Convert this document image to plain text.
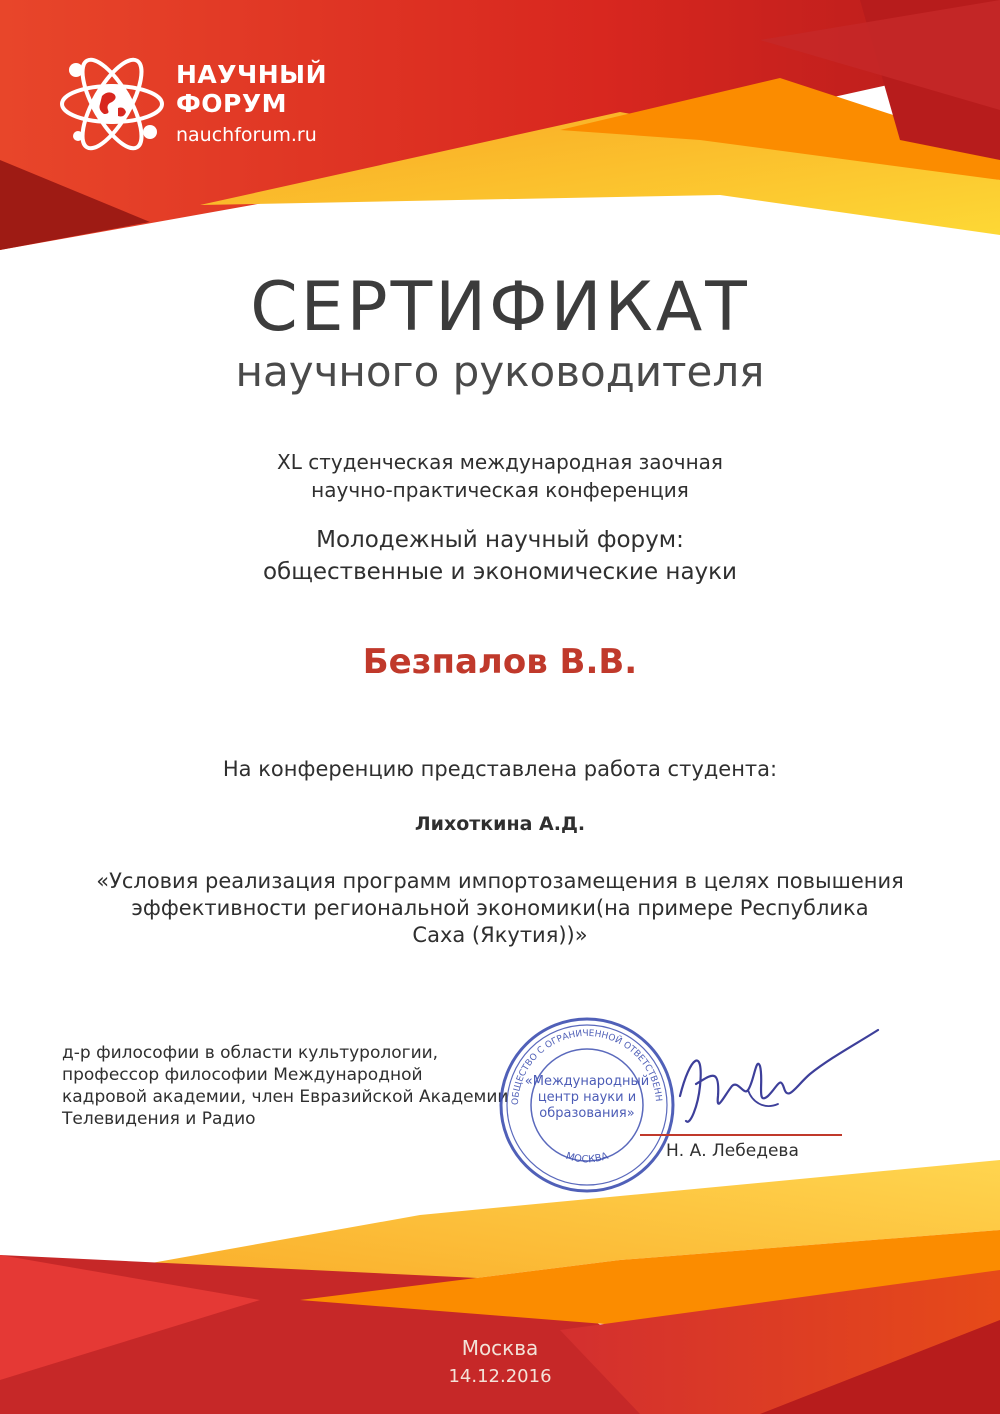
НАУЧНЫЙ
ФОРУМ
nauchforum.ru
СЕРТИФИКАТ
научного руководителя
XL студенческая международная заочная
научно-практическая конференция
Молодежный научный форум:
общественные и экономические науки
Безпалов В.В.
На конференцию представлена работа студента:
Лихоткина А.Д.
«Условия реализация программ импортозамещения в целях повышения
эффективности региональной экономики(на примере Республика
Саха (Якутия))»
д-р философии в области культурологии,
профессор философии Международной
кадровой академии, член Евразийской Академии
Телевидения и Радио
ОБЩЕСТВО С ОГРАНИЧЕННОЙ ОТВЕТСТВЕНН
МОСКВА
«Международный
центр науки и
образования»
Н. А. Лебедева
Москва
14.12.2016
